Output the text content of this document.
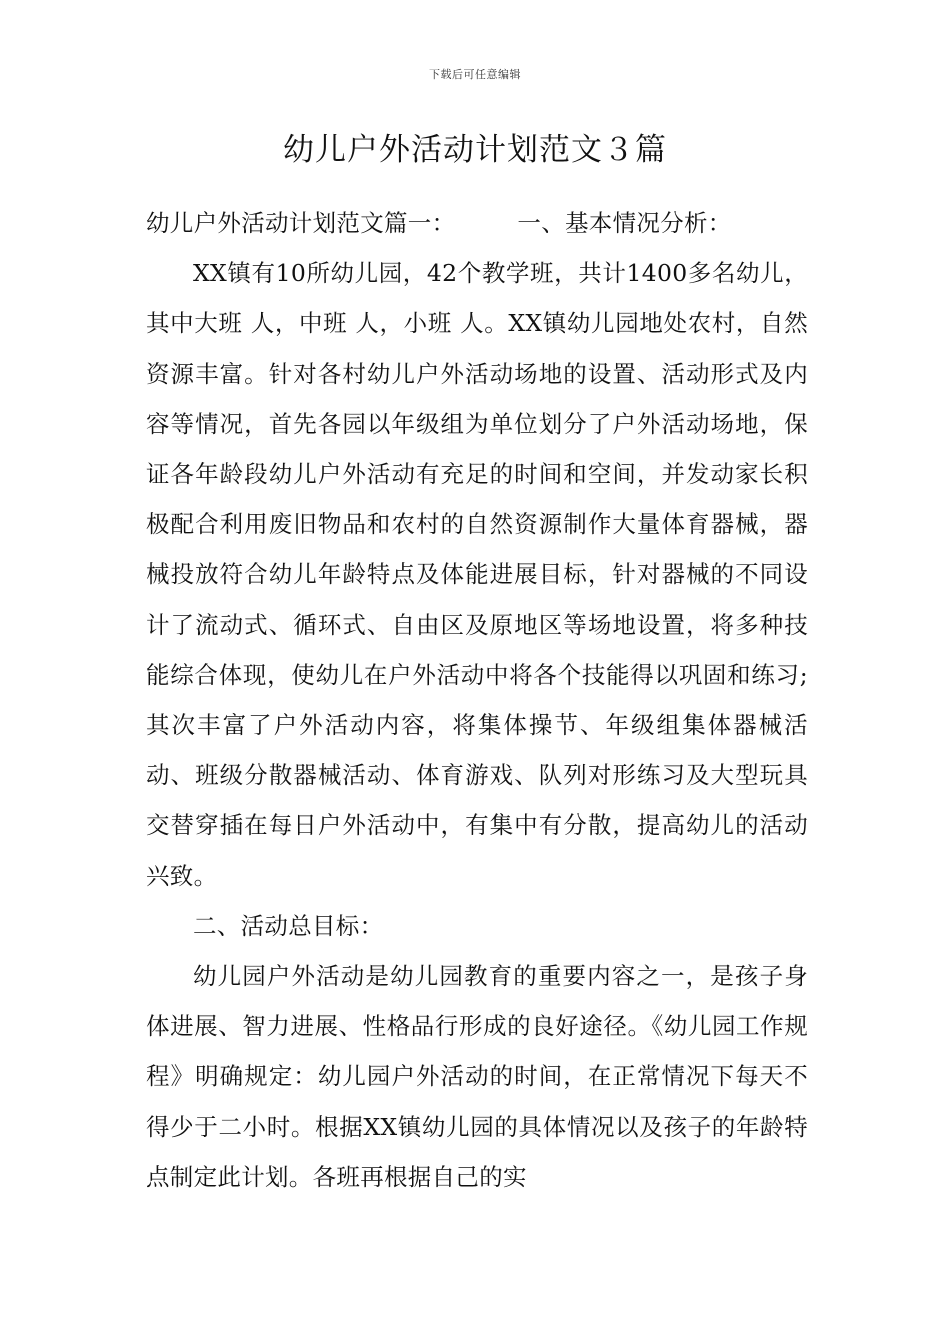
下载后可任意编辑
幼儿户外活动计划范文３篇

幼儿户外活动计划范文篇一：	一、基本情况分析：

XX镇有10所幼儿园，42个教学班，共计1400多名幼儿，其中大班 人，中班 人，小班 人。XX镇幼儿园地处农村，自然资源丰富。针对各村幼儿户外活动场地的设置、活动形式及内容等情况，首先各园以年级组为单位划分了户外活动场地，保证各年龄段幼儿户外活动有充足的时间和空间，并发动家长积极配合利用废旧物品和农村的自然资源制作大量体育器械，器械投放符合幼儿年龄特点及体能进展目标，针对器械的不同设计了流动式、循环式、自由区及原地区等场地设置，将多种技能综合体现，使幼儿在户外活动中将各个技能得以巩固和练习;其次丰富了户外活动内容，将集体操节、年级组集体器械活动、班级分散器械活动、体育游戏、队列对形练习及大型玩具交替穿插在每日户外活动中，有集中有分散，提高幼儿的活动兴致。

二、活动总目标：

幼儿园户外活动是幼儿园教育的重要内容之一，是孩子身体进展、智力进展、性格品行形成的良好途径。《幼儿园工作规程》明确规定：幼儿园户外活动的时间，在正常情况下每天不得少于二小时。根据XX镇幼儿园的具体情况以及孩子的年龄特点制定此计划。各班再根据自己的实
